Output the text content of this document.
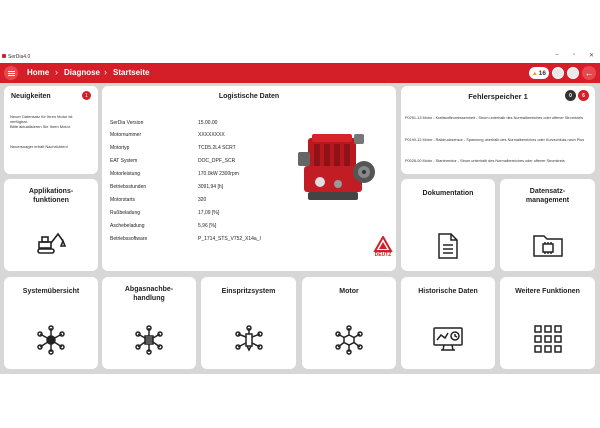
SerDia4.0	– ▫ ✕
Home › Diagnose › Startseite	▲ 16	←
Neuigkeiten	1
Neuer Datensatz für Ihren Motor ist verfügbar.
Bitte aktualisieren Sie Ihren Motor.
Neuersnager erhalt Nachrichten!
Logistische Daten
SerDia Version	15.00.00
Motornummer	XXXXXXXX
Motortyp	TCD5.2L4 SCRT
EAT System	DOC_DPF_SCR
Motorleistung	170.0kW 2300rpm
Betriebsstunden	3091,94 [h]
Motorstarts	320
Rußbeladung	17,09 [%]
Aschebeladung	5,96 [%]
Betriebssoftware	P_1714_STS_V752_X14a_I
DEUTZ
Fehlerspeicher 1	0	6
P0251-13 Motor - Kraftstoffzumesseinheit - Strom unterhalb des Normalbereiches oder offener Stromkreis
P0190-12 Motor - Raildrucksensor - Spannung oberhalb des Normalbereiches oder Kurzschluss nach Plus
P0028-00 Motor - Startermotor - Strom unterhalb des Normalbereiches oder offener Stromkreis
Applikations-
funktionen
Dokumentation	Datensatz-
management
Systemübersicht	Abgasnachbe-
handlung
Einspritzsystem	Motor	Historische Daten	Weitere Funktionen
